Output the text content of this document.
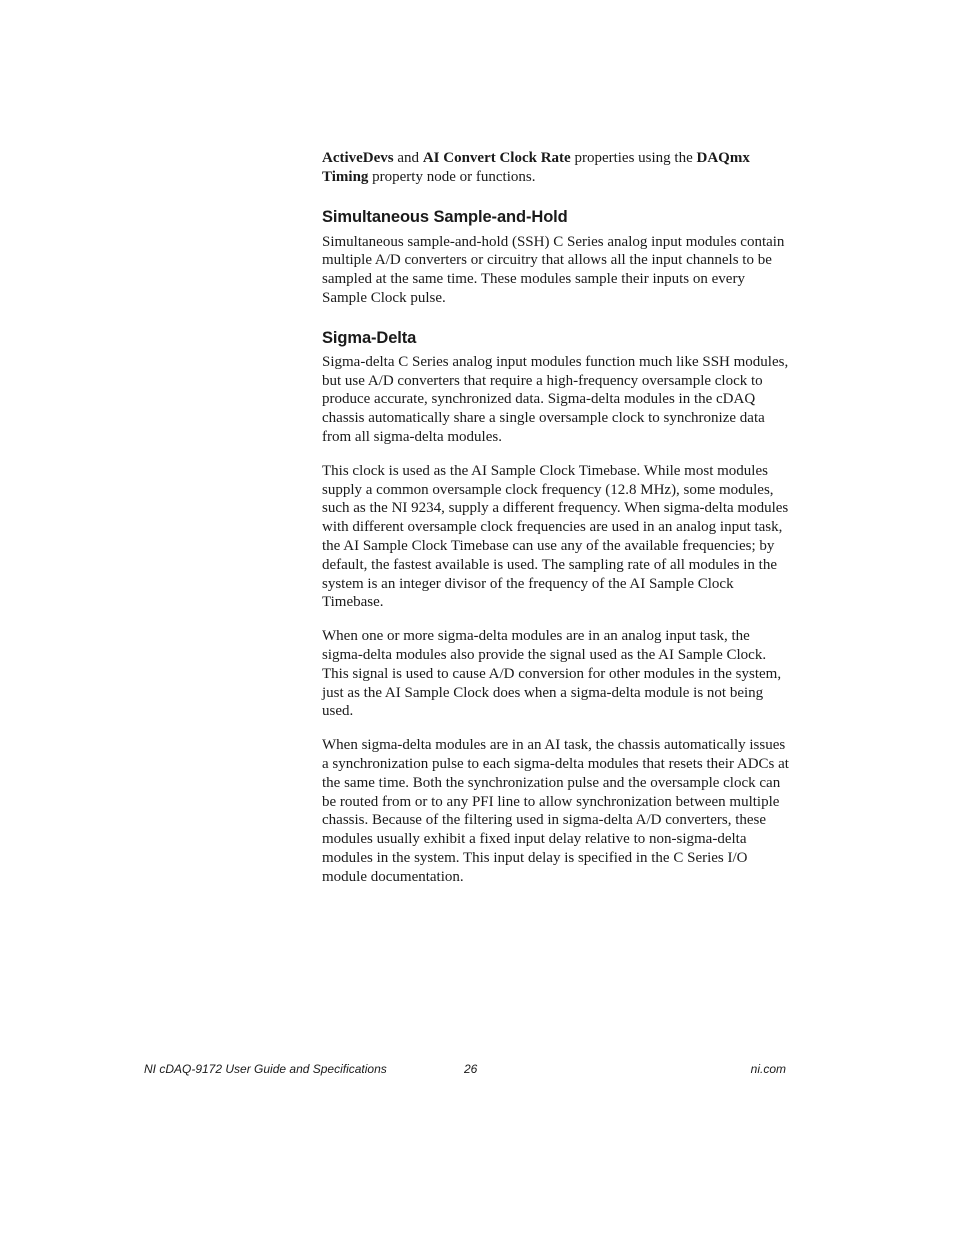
ActiveDevs and AI Convert Clock Rate properties using the DAQmx Timing property node or functions.

Simultaneous Sample-and-Hold

Simultaneous sample-and-hold (SSH) C Series analog input modules contain multiple A/D converters or circuitry that allows all the input channels to be sampled at the same time. These modules sample their inputs on every Sample Clock pulse.

Sigma-Delta

Sigma-delta C Series analog input modules function much like SSH modules, but use A/D converters that require a high-frequency oversample clock to produce accurate, synchronized data. Sigma-delta modules in the cDAQ chassis automatically share a single oversample clock to synchronize data from all sigma-delta modules.

This clock is used as the AI Sample Clock Timebase. While most modules supply a common oversample clock frequency (12.8 MHz), some modules, such as the NI 9234, supply a different frequency. When sigma-delta modules with different oversample clock frequencies are used in an analog input task, the AI Sample Clock Timebase can use any of the available frequencies; by default, the fastest available is used. The sampling rate of all modules in the system is an integer divisor of the frequency of the AI Sample Clock Timebase.

When one or more sigma-delta modules are in an analog input task, the sigma-delta modules also provide the signal used as the AI Sample Clock. This signal is used to cause A/D conversion for other modules in the system, just as the AI Sample Clock does when a sigma-delta module is not being used.

When sigma-delta modules are in an AI task, the chassis automatically issues a synchronization pulse to each sigma-delta modules that resets their ADCs at the same time. Both the synchronization pulse and the oversample clock can be routed from or to any PFI line to allow synchronization between multiple chassis. Because of the filtering used in sigma-delta A/D converters, these modules usually exhibit a fixed input delay relative to non-sigma-delta modules in the system. This input delay is specified in the C Series I/O module documentation.

NI cDAQ-9172 User Guide and Specifications	26	ni.com
